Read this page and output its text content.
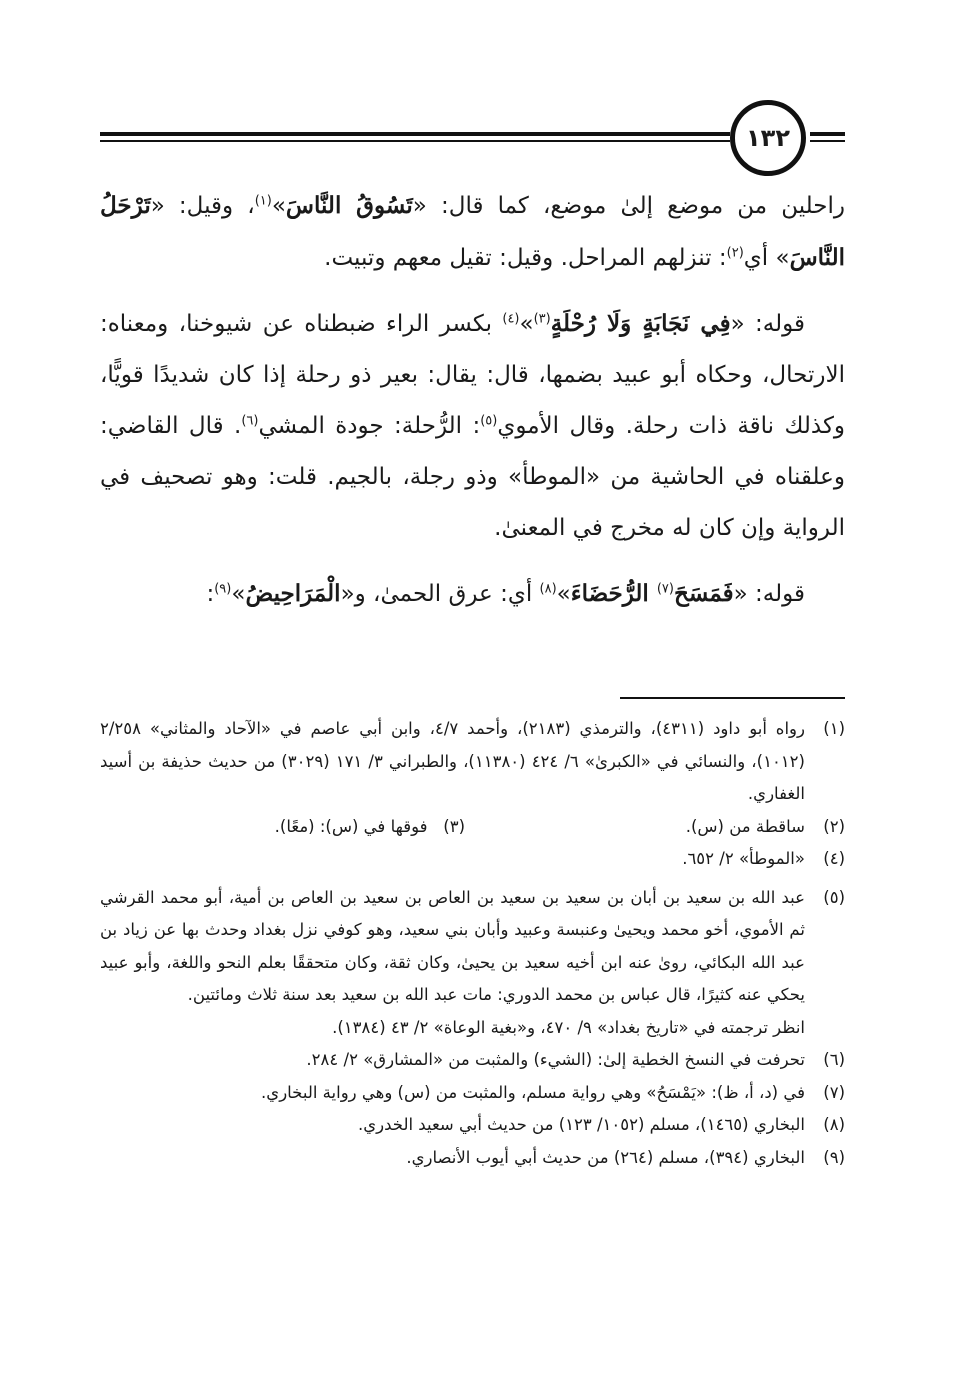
١٣٢

راحلين من موضع إلىٰ موضع، كما قال: «تَسُوقُ النَّاسَ»$^{(١)}$، وقيل: «تَرْحَلُ النَّاسَ» أي$^{(٢)}$: تنزلهم المراحل. وقيل: تقيل معهم وتبيت.

قوله: «فِي نَجَابَةٍ وَلَا رُحْلَةٍ$^{(٣)}$»$^{(٤)}$ بكسر الراء ضبطناه عن شيوخنا، ومعناه: الارتحال، وحكاه أبو عبيد بضمها، قال: يقال: بعير ذو رحلة إذا كان شديدًا قويًّا، وكذلك ناقة ذات رحلة. وقال الأموي$^{(٥)}$: الرُّحلة: جودة المشي$^{(٦)}$. قال القاضي: وعلقناه في الحاشية من «الموطأ» وذو رجلة، بالجيم. قلت: وهو تصحيف في الرواية وإن كان له مخرج في المعنىٰ.

قوله: «فَمَسَحَ$^{(٧)}$ الرُّحَضَاءَ»$^{(٨)}$ أي: عرق الحمىٰ، و«الْمَرَاحِيضُ»$^{(٩)}$:

(١)
رواه أبو داود (٤٣١١)، والترمذي (٢١٨٣)، وأحمد ٤/٧، وابن أبي عاصم في «الآحاد والمثاني» ٢/٢٥٨ (١٠١٢)، والنسائي في «الكبرىٰ» ٦/ ٤٢٤ (١١٣٨٠)، والطبراني ٣/ ١٧١ (٣٠٢٩) من حديث حذيفة بن أسيد الغفاري.
(٢)
ساقطة من (س).
(٣)   فوقها في (س): (معًا).
(٤)
«الموطأ» ٢/ ٦٥٢.
(٥)
عبد الله بن سعيد بن أبان بن سعيد بن سعيد بن العاص بن سعيد بن العاص بن أمية، أبو محمد القرشي ثم الأموي، أخو محمد ويحيىٰ وعنبسة وعبيد وأبان بني سعيد، وهو كوفي نزل بغداد وحدث بها عن زياد بن عبد الله البكائي، روىٰ عنه ابن أخيه سعيد بن يحيىٰ، وكان ثقة، وكان متحققًا بعلم النحو واللغة، وأبو عبيد يحكي عنه كثيرًا، قال عباس بن محمد الدوري: مات عبد الله بن سعيد بعد سنة ثلاث ومائتين.
انظر ترجمته في «تاريخ بغداد» ٩/ ٤٧٠، و«بغية الوعاة» ٢/ ٤٣ (١٣٨٤).
(٦)
تحرفت في النسخ الخطية إلىٰ: (الشيء) والمثبت من «المشارق» ٢/ ٢٨٤.
(٧)
في (د، أ، ظ): «يَمْسَحُ» وهي رواية مسلم، والمثبت من (س) وهي رواية البخاري.
(٨)
البخاري (١٤٦٥)، مسلم (١٠٥٢/ ١٢٣) من حديث أبي سعيد الخدري.
(٩)
البخاري (٣٩٤)، مسلم (٢٦٤) من حديث أبي أيوب الأنصاري.
